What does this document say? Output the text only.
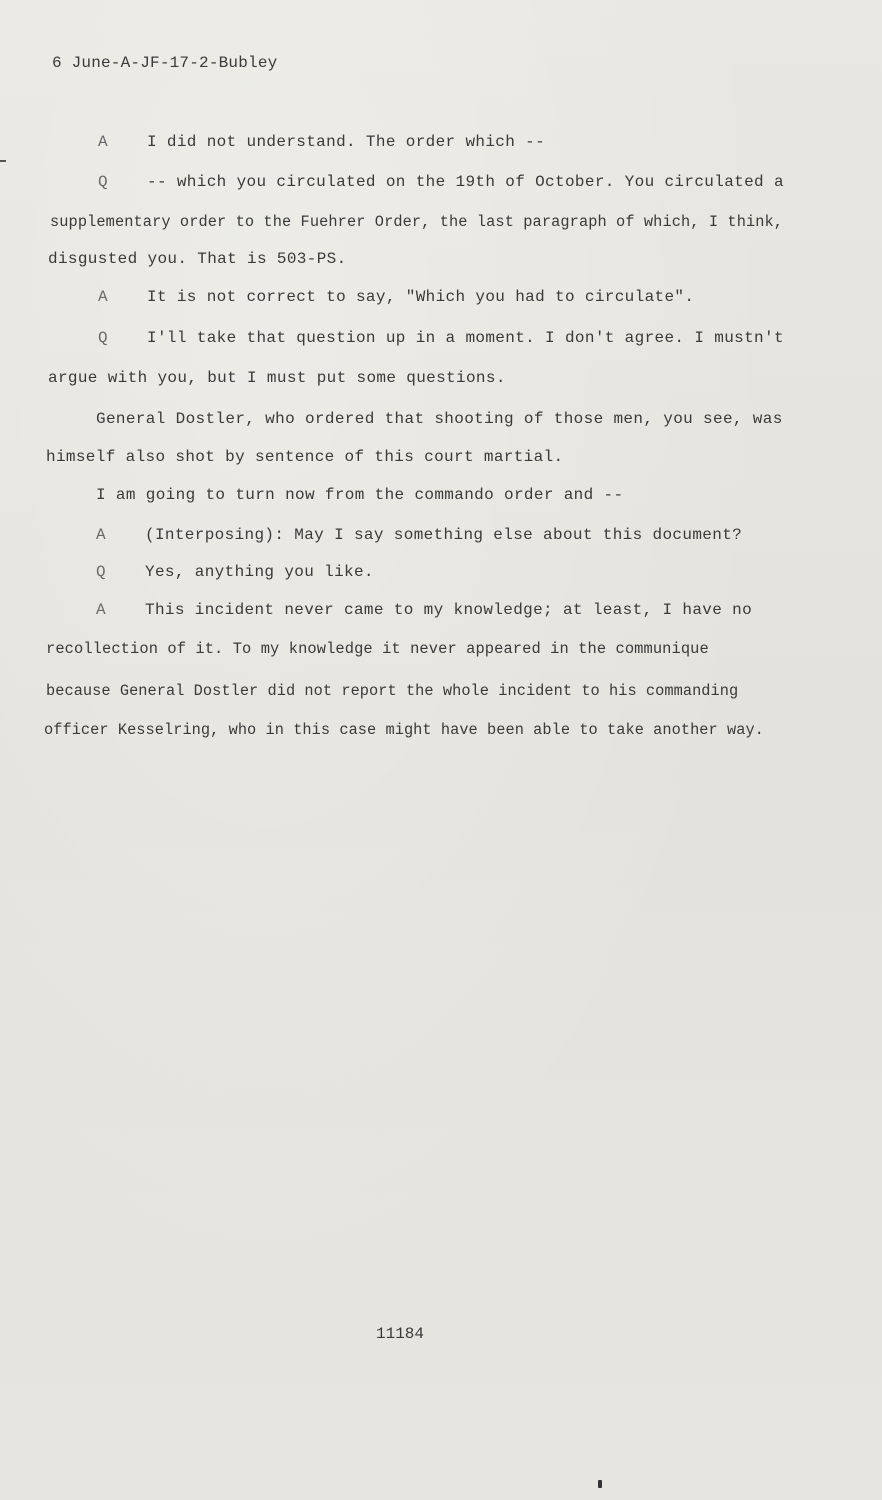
6 June-A-JF-17-2-Bubley
A I did not understand. The order which --
Q -- which you circulated on the 19th of October. You circulated a
supplementary order to the Fuehrer Order, the last paragraph of which, I think,
disgusted you. That is 503-PS.
A It is not correct to say, "Which you had to circulate".
Q I'll take that question up in a moment. I don't agree. I mustn't
argue with you, but I must put some questions.
General Dostler, who ordered that shooting of those men, you see, was
himself also shot by sentence of this court martial.
I am going to turn now from the commando order and --
A (Interposing): May I say something else about this document?
Q Yes, anything you like.
A This incident never came to my knowledge; at least, I have no
recollection of it. To my knowledge it never appeared in the communique
because General Dostler did not report the whole incident to his commanding
officer Kesselring, who in this case might have been able to take another way.
11184
